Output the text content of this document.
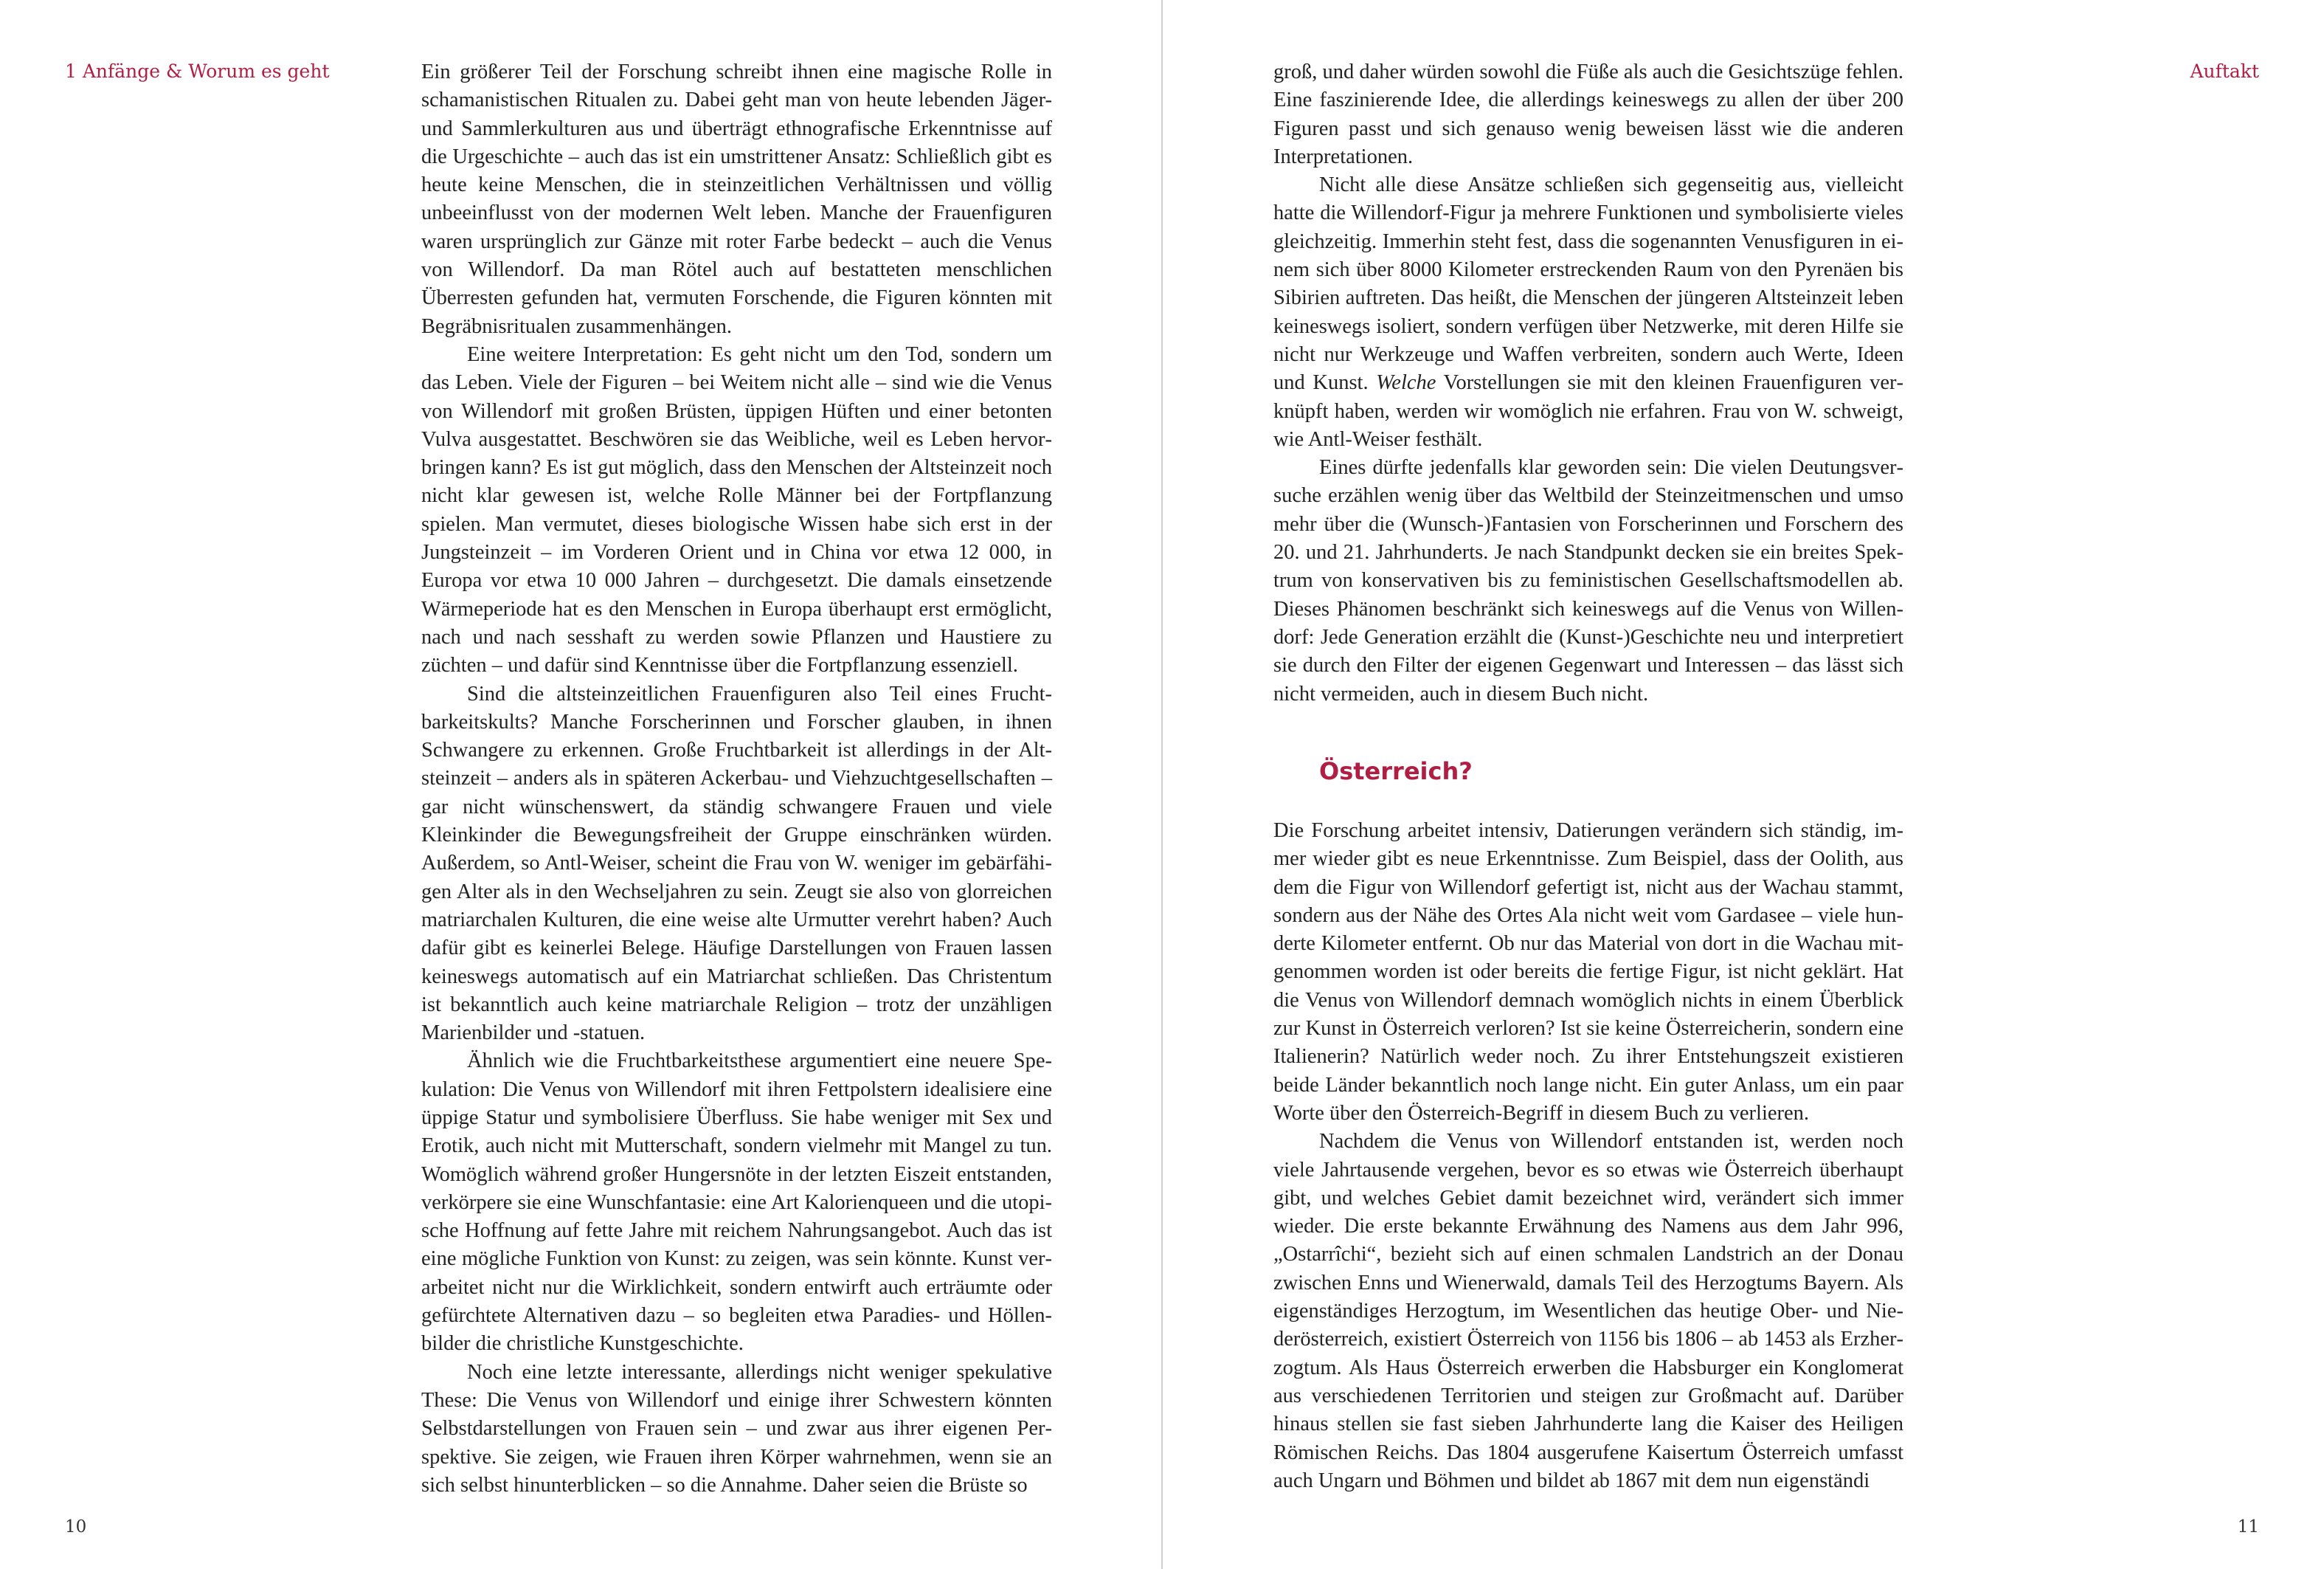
1 Anfänge & Worum es geht	Ein größerer Teil der Forschung schreibt ihnen eine magische Rolle in schamanistischen Ritualen zu. Dabei geht man von heute lebenden Jäger- und Sammlerkulturen aus und überträgt ethnografische Erkenntnisse auf die Urgeschichte – auch das ist ein umstrittener Ansatz: Schließlich gibt es heute keine Menschen, die in steinzeitlichen Verhältnissen und völlig unbeeinflusst von der modernen Welt leben. Manche der Frauenfiguren waren ursprünglich zur Gänze mit roter Farbe bedeckt – auch die Venus von Willendorf. Da man Rötel auch auf bestatteten menschlichen Überresten gefunden hat, vermuten Forschende, die Figuren könnten mit Begräbnisritualen zusammenhängen.

Eine weitere Interpretation: Es geht nicht um den Tod, sondern um das Leben. Viele der Figuren – bei Weitem nicht alle – sind wie die Venus von Willendorf mit großen Brüsten, üppigen Hüften und einer betonten Vulva ausgestattet. Beschwören sie das Weibliche, weil es Leben hervorbringen kann? Es ist gut möglich, dass den Menschen der Altsteinzeit noch nicht klar gewesen ist, welche Rolle Männer bei der Fortpflanzung spielen. Man vermutet, dieses biologische Wissen habe sich erst in der Jungsteinzeit – im Vorderen Orient und in China vor etwa 12 000, in Europa vor etwa 10 000 Jahren – durchgesetzt. Die damals einsetzende Wärmeperiode hat es den Menschen in Europa überhaupt erst ermöglicht, nach und nach sesshaft zu werden sowie Pflanzen und Haustiere zu züchten – und dafür sind Kenntnisse über die Fortpflanzung essenziell.

Sind die altsteinzeitlichen Frauenfiguren also Teil eines Fruchtbarkeitskults? Manche Forscherinnen und Forscher glauben, in ihnen Schwangere zu erkennen. Große Fruchtbarkeit ist allerdings in der Altsteinzeit – anders als in späteren Ackerbau- und Viehzuchtgesellschaften – gar nicht wünschenswert, da ständig schwangere Frauen und viele Kleinkinder die Bewegungsfreiheit der Gruppe einschränken würden. Außerdem, so Antl-Weiser, scheint die Frau von W. weniger im gebärfähigen Alter als in den Wechseljahren zu sein. Zeugt sie also von glorreichen matriarchalen Kulturen, die eine weise alte Urmutter verehrt haben? Auch dafür gibt es keinerlei Belege. Häufige Darstellungen von Frauen lassen keineswegs automatisch auf ein Matriarchat schließen. Das Christentum ist bekanntlich auch keine matriarchale Religion – trotz der unzähligen Marienbilder und -statuen.

Ähnlich wie die Fruchtbarkeitsthese argumentiert eine neuere Spekulation: Die Venus von Willendorf mit ihren Fettpolstern idealisiere eine üppige Statur und symbolisiere Überfluss. Sie habe weniger mit Sex und Erotik, auch nicht mit Mutterschaft, sondern vielmehr mit Mangel zu tun. Womöglich während großer Hungersnöte in der letzten Eiszeit entstanden, verkörpere sie eine Wunschfantasie: eine Art Kalorienqueen und die utopische Hoffnung auf fette Jahre mit reichem Nahrungsangebot. Auch das ist eine mögliche Funktion von Kunst: zu zeigen, was sein könnte. Kunst verarbeitet nicht nur die Wirklichkeit, sondern entwirft auch erträumte oder gefürchtete Alternativen dazu – so begleiten etwa Paradies- und Höllenbilder die christliche Kunstgeschichte.

Noch eine letzte interessante, allerdings nicht weniger spekulative These: Die Venus von Willendorf und einige ihrer Schwestern könnten Selbstdarstellungen von Frauen sein – und zwar aus ihrer eigenen Perspektive. Sie zeigen, wie Frauen ihren Körper wahrnehmen, wenn sie an sich selbst hinunterblicken – so die Annahme. Daher seien die Brüste so

10
Auftakt

groß, und daher würden sowohl die Füße als auch die Gesichtszüge fehlen. Eine faszinierende Idee, die allerdings keineswegs zu allen der über 200 Figuren passt und sich genauso wenig beweisen lässt wie die anderen Interpretationen.

Nicht alle diese Ansätze schließen sich gegenseitig aus, vielleicht hatte die Willendorf-Figur ja mehrere Funktionen und symbolisierte vieles gleichzeitig. Immerhin steht fest, dass die sogenannten Venusfiguren in einem sich über 8000 Kilometer erstreckenden Raum von den Pyrenäen bis Sibirien auftreten. Das heißt, die Menschen der jüngeren Altsteinzeit leben keineswegs isoliert, sondern verfügen über Netzwerke, mit deren Hilfe sie nicht nur Werkzeuge und Waffen verbreiten, sondern auch Werte, Ideen und Kunst. Welche Vorstellungen sie mit den kleinen Frauenfiguren verknüpft haben, werden wir womöglich nie erfahren. Frau von W. schweigt, wie Antl-Weiser festhält.

Eines dürfte jedenfalls klar geworden sein: Die vielen Deutungsversuche erzählen wenig über das Weltbild der Steinzeitmenschen und umso mehr über die (Wunsch-)Fantasien von Forscherinnen und Forschern des 20. und 21. Jahrhunderts. Je nach Standpunkt decken sie ein breites Spektrum von konservativen bis zu feministischen Gesellschaftsmodellen ab. Dieses Phänomen beschränkt sich keineswegs auf die Venus von Willendorf: Jede Generation erzählt die (Kunst-)Geschichte neu und interpretiert sie durch den Filter der eigenen Gegenwart und Interessen – das lässt sich nicht vermeiden, auch in diesem Buch nicht.

Österreich?

Die Forschung arbeitet intensiv, Datierungen verändern sich ständig, immer wieder gibt es neue Erkenntnisse. Zum Beispiel, dass der Oolith, aus dem die Figur von Willendorf gefertigt ist, nicht aus der Wachau stammt, sondern aus der Nähe des Ortes Ala nicht weit vom Gardasee – viele hunderte Kilometer entfernt. Ob nur das Material von dort in die Wachau mitgenommen worden ist oder bereits die fertige Figur, ist nicht geklärt. Hat die Venus von Willendorf demnach womöglich nichts in einem Überblick zur Kunst in Österreich verloren? Ist sie keine Österreicherin, sondern eine Italienerin? Natürlich weder noch. Zu ihrer Entstehungszeit existieren beide Länder bekanntlich noch lange nicht. Ein guter Anlass, um ein paar Worte über den Österreich-Begriff in diesem Buch zu verlieren.

Nachdem die Venus von Willendorf entstanden ist, werden noch viele Jahrtausende vergehen, bevor es so etwas wie Österreich überhaupt gibt, und welches Gebiet damit bezeichnet wird, verändert sich immer wieder. Die erste bekannte Erwähnung des Namens aus dem Jahr 996, „Ostarrîchi“, bezieht sich auf einen schmalen Landstrich an der Donau zwischen Enns und Wienerwald, damals Teil des Herzogtums Bayern. Als eigenständiges Herzogtum, im Wesentlichen das heutige Ober- und Niederösterreich, existiert Österreich von 1156 bis 1806 – ab 1453 als Erzherzogtum. Als Haus Österreich erwerben die Habsburger ein Konglomerat aus verschiedenen Territorien und steigen zur Großmacht auf. Darüber hinaus stellen sie fast sieben Jahrhunderte lang die Kaiser des Heiligen Römischen Reichs. Das 1804 ausgerufene Kaisertum Österreich umfasst auch Ungarn und Böhmen und bildet ab 1867 mit dem nun eigenständi

11
